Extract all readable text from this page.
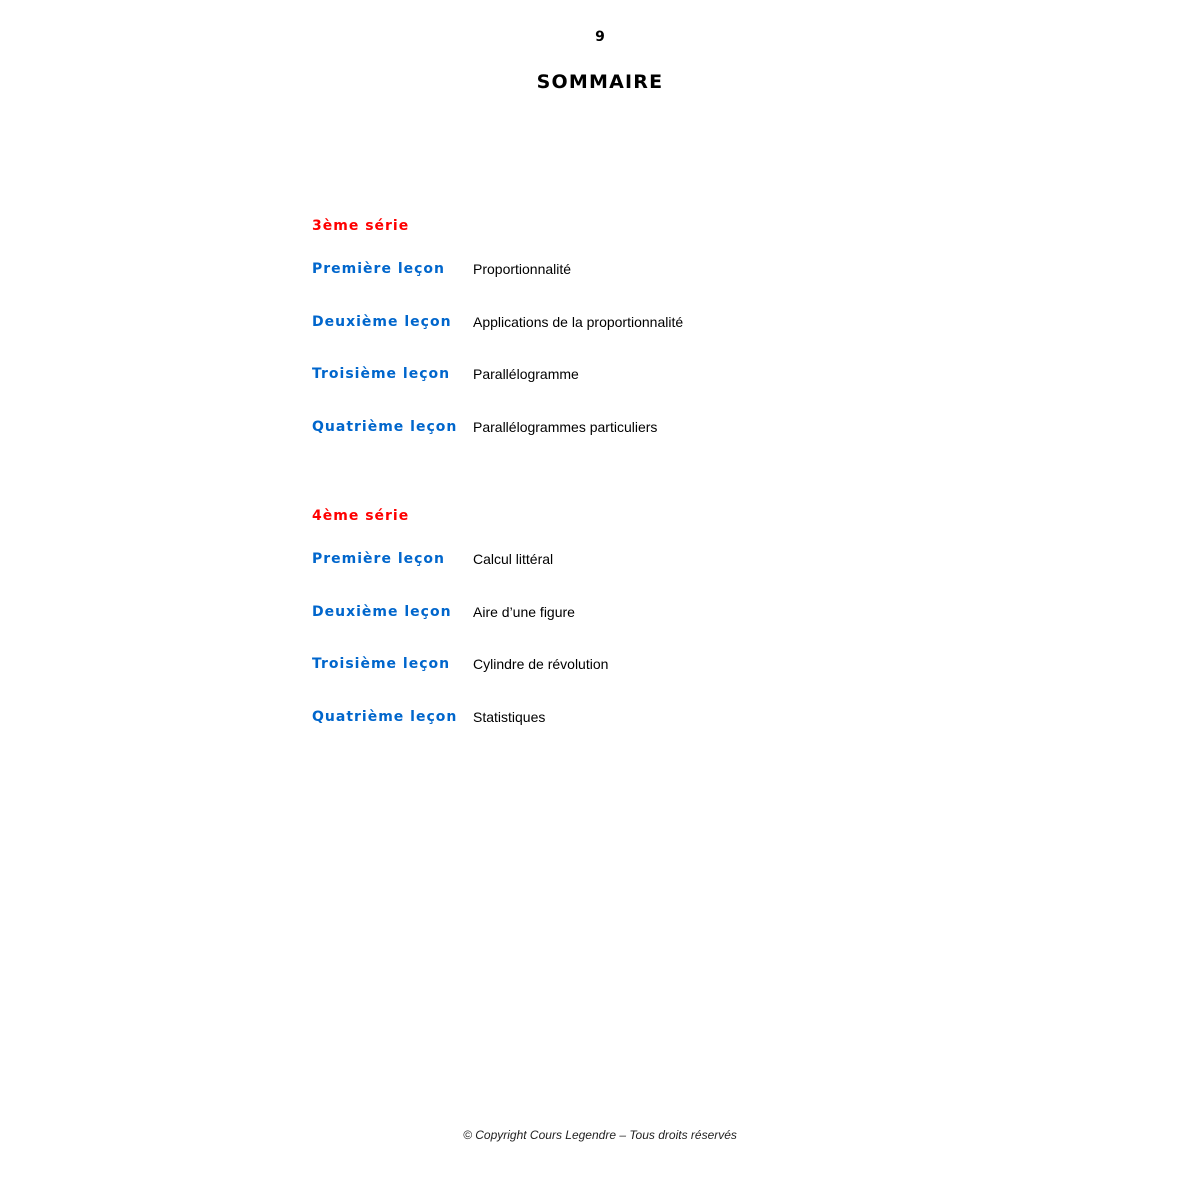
9
SOMMAIRE
3ème série
Première leçon	Proportionnalité
Deuxième leçon	Applications de la proportionnalité
Troisième leçon	Parallélogramme
Quatrième leçon	Parallélogrammes particuliers
4ème série
Première leçon	Calcul littéral
Deuxième leçon	Aire d’une figure
Troisième leçon	Cylindre de révolution
Quatrième leçon	Statistiques
© Copyright Cours Legendre – Tous droits réservés
